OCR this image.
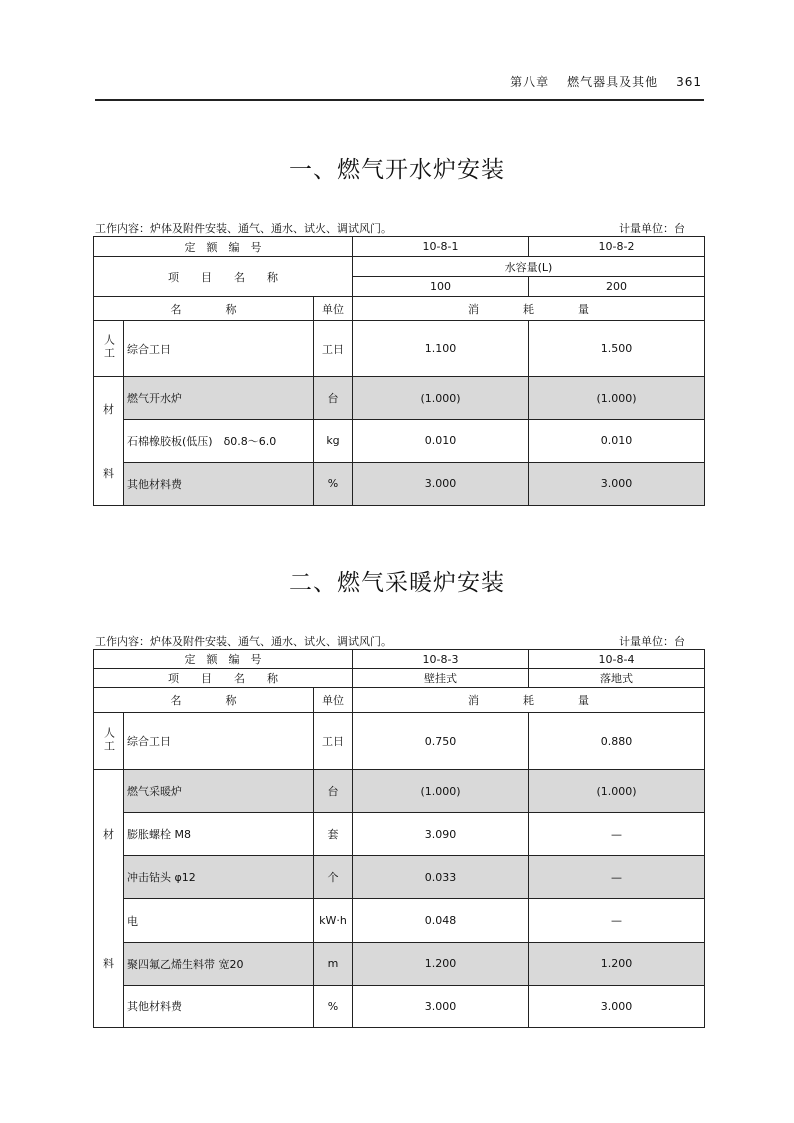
第八章 燃气器具及其他 361
一、燃气开水炉安装
工作内容：炉体及附件安装、通气、通水、试火、调试风门。	计量单位：台
定　额　编　号			10-8-1	10-8-2
项　　目　　名　　称			水容量(L)	
			100	200
名　　　　称		单位	消　　　　耗　　　　量	
人工	综合工日	工日	1.100	1.500

材
料	燃气开水炉	台	(1.000)	(1.000)
	石棉橡胶板(低压)　δ0.8～6.0	kg	0.010	0.010
	其他材料费	%	3.000	3.000
二、燃气采暖炉安装
工作内容：炉体及附件安装、通气、通水、试火、调试风门。	计量单位：台
定　额　编　号			10-8-3	10-8-4
项　　目　　名　　称			壁挂式	落地式
名　　　　称		单位	消　　　　耗　　　　量	
人工	综合工日	工日	0.750	0.880

材
料	燃气采暖炉	台	(1.000)	(1.000)
	膨胀螺栓 M8	套	3.090	—
	冲击钻头 φ12	个	0.033	—
	电	kW·h	0.048	—
	聚四氟乙烯生料带 宽20	m	1.200	1.200
	其他材料费	%	3.000	3.000
